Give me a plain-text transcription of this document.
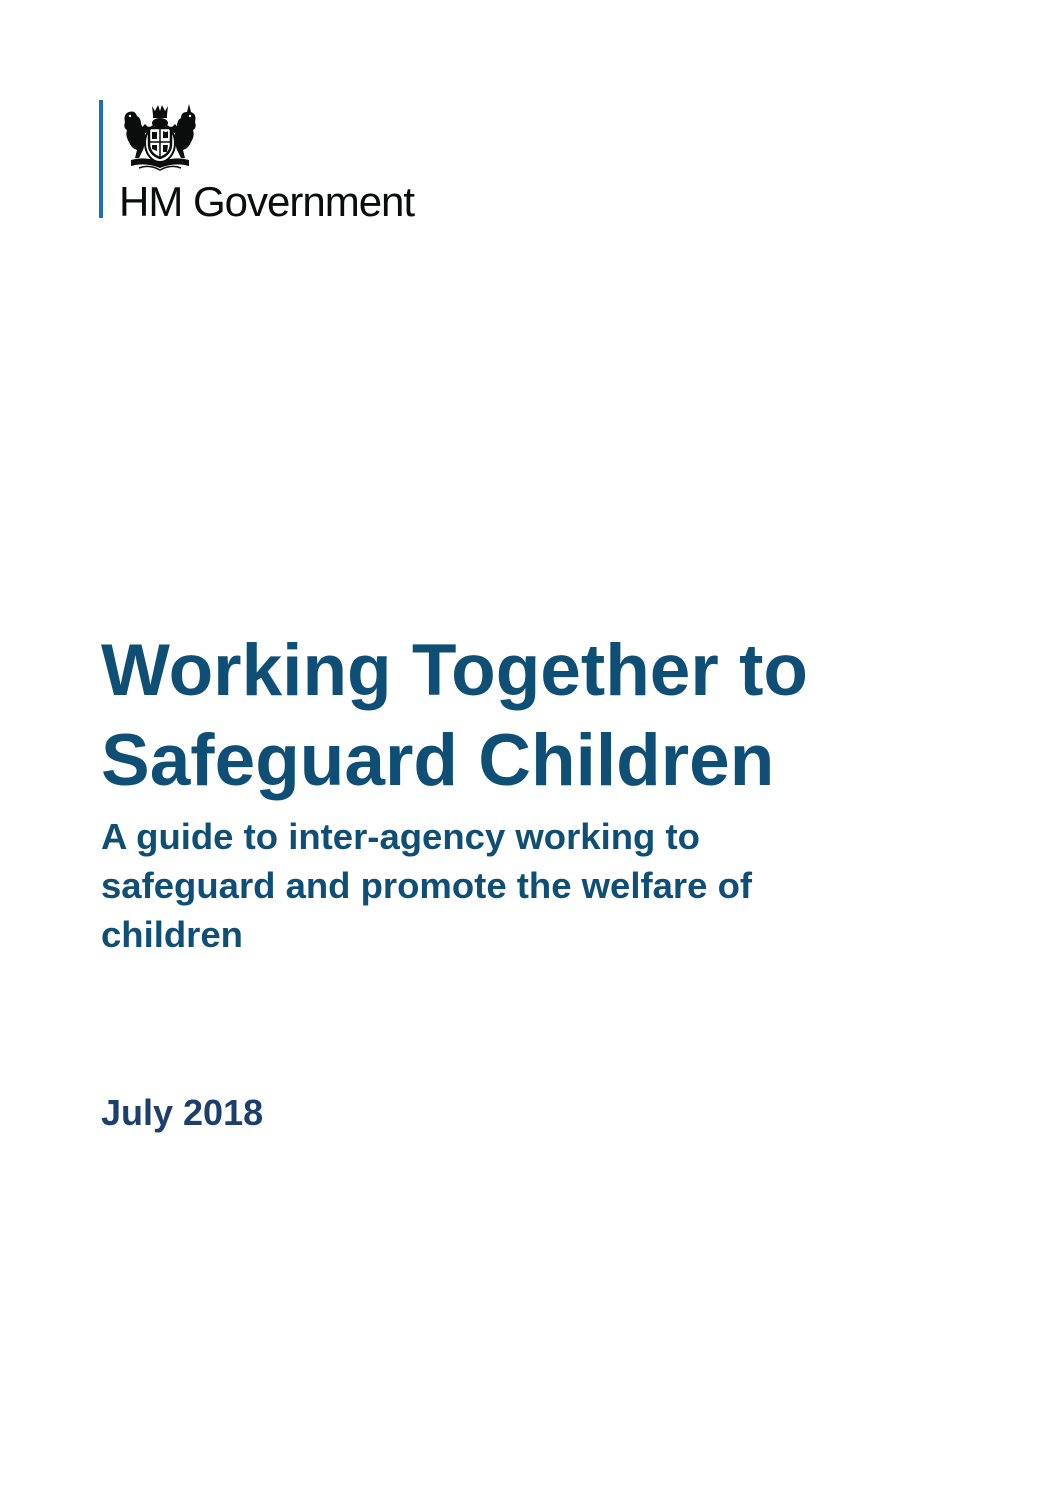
HM Government
Working Together to
Safeguard Children
A guide to inter-agency working to
safeguard and promote the welfare of
children

July 2018
